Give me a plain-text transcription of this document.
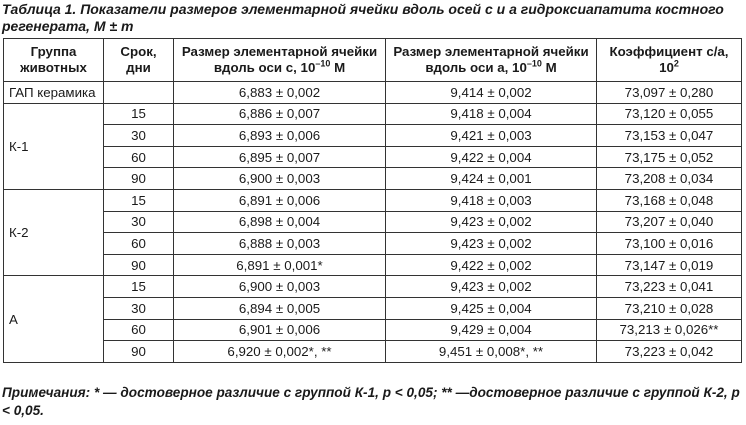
Таблица 1. Показатели размеров элементарной ячейки вдоль осей c и a гидроксиапатита костного регенерата, M ± m
Группа животных	Срок, дни	Размер элементарной ячейки вдоль оси c, $10^{-10}$ М	Размер элементарной ячейки вдоль оси a, $10^{-10}$ М	Коэффициент c/a, $10^2$
ГАП керамика		6,883 ± 0,002	9,414 ± 0,002	73,097 ± 0,280
К-1	15	6,886 ± 0,007	9,418 ± 0,004	73,120 ± 0,055
	30	6,893 ± 0,006	9,421 ± 0,003	73,153 ± 0,047
	60	6,895 ± 0,007	9,422 ± 0,004	73,175 ± 0,052
	90	6,900 ± 0,003	9,424 ± 0,001	73,208 ± 0,034
К-2	15	6,891 ± 0,006	9,418 ± 0,003	73,168 ± 0,048
	30	6,898 ± 0,004	9,423 ± 0,002	73,207 ± 0,040
	60	6,888 ± 0,003	9,423 ± 0,002	73,100 ± 0,016
	90	6,891 ± 0,001*	9,422 ± 0,002	73,147 ± 0,019
А	15	6,900 ± 0,003	9,423 ± 0,002	73,223 ± 0,041
	30	6,894 ± 0,005	9,425 ± 0,004	73,210 ± 0,028
	60	6,901 ± 0,006	9,429 ± 0,004	73,213 ± 0,026**
	90	6,920 ± 0,002*, **	9,451 ± 0,008*, **	73,223 ± 0,042
Примечания: * — достоверное различие с группой К-1, p < 0,05; ** —достоверное различие с группой К-2, p < 0,05.
